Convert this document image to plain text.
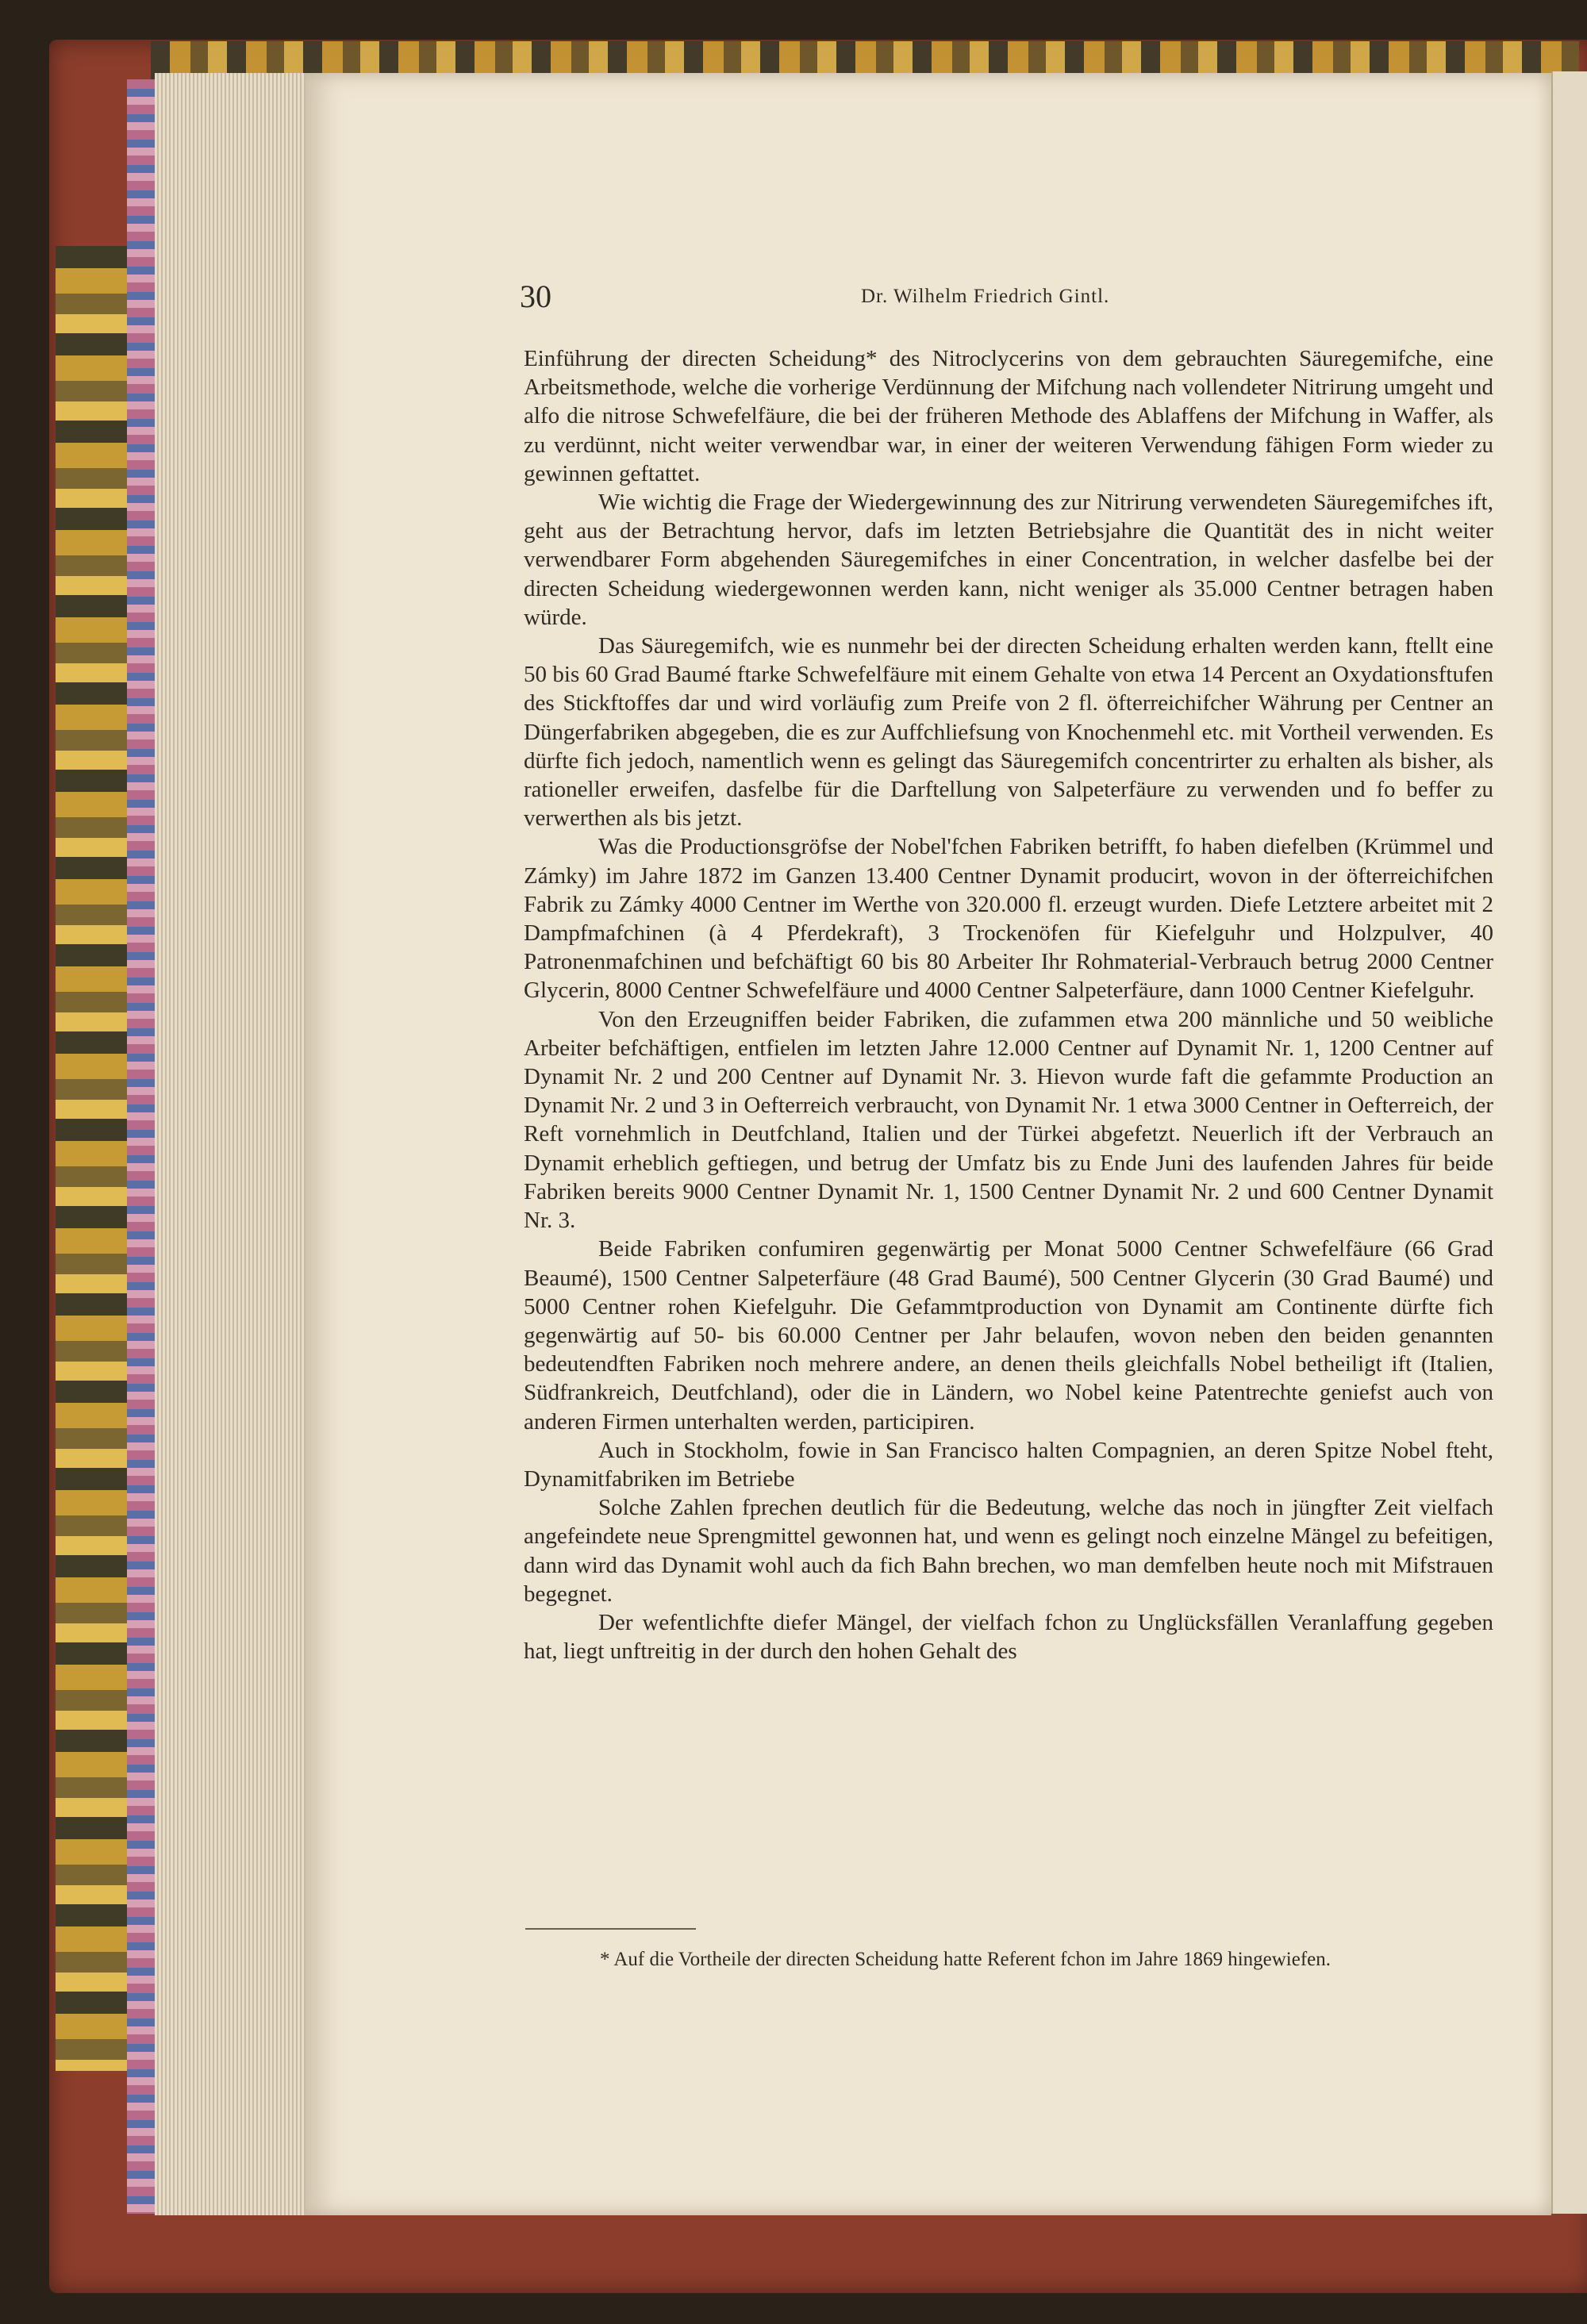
30	Dr. Wilhelm Friedrich Gintl.

Einführung der directen Scheidung* des Nitroclycerins von dem gebrauchten Säuregemifche, eine Arbeitsmethode, welche die vorherige Verdünnung der Mifchung nach vollendeter Nitrirung umgeht und alfo die nitrose Schwefelfäure, die bei der früheren Methode des Ablaffens der Mifchung in Waffer, als zu verdünnt, nicht weiter verwendbar war, in einer der weiteren Verwendung fähigen Form wieder zu gewinnen geftattet.

Wie wichtig die Frage der Wiedergewinnung des zur Nitrirung verwendeten Säuregemifches ift, geht aus der Betrachtung hervor, dafs im letzten Betriebsjahre die Quantität des in nicht weiter verwendbarer Form abgehenden Säuregemifches in einer Concentration, in welcher dasfelbe bei der directen Scheidung wiedergewonnen werden kann, nicht weniger als 35.000 Centner betragen haben würde.

Das Säuregemifch, wie es nunmehr bei der directen Scheidung erhalten werden kann, ftellt eine 50 bis 60 Grad Baumé ftarke Schwefelfäure mit einem Gehalte von etwa 14 Percent an Oxydationsftufen des Stickftoffes dar und wird vorläufig zum Preife von 2 fl. öfterreichifcher Währung per Centner an Düngerfabriken abgegeben, die es zur Auffchliefsung von Knochenmehl etc. mit Vortheil verwenden. Es dürfte fich jedoch, namentlich wenn es gelingt das Säuregemifch concentrirter zu erhalten als bisher, als rationeller erweifen, dasfelbe für die Darftellung von Salpeterfäure zu verwenden und fo beffer zu verwerthen als bis jetzt.

Was die Productionsgröfse der Nobel'fchen Fabriken betrifft, fo haben diefelben (Krümmel und Zámky) im Jahre 1872 im Ganzen 13.400 Centner Dynamit producirt, wovon in der öfterreichifchen Fabrik zu Zámky 4000 Centner im Werthe von 320.000 fl. erzeugt wurden. Diefe Letztere arbeitet mit 2 Dampfmafchinen (à 4 Pferdekraft), 3 Trockenöfen für Kiefelguhr und Holzpulver, 40 Patronenmafchinen und befchäftigt 60 bis 80 Arbeiter Ihr Rohmaterial-Verbrauch betrug 2000 Centner Glycerin, 8000 Centner Schwefelfäure und 4000 Centner Salpeterfäure, dann 1000 Centner Kiefelguhr.

Von den Erzeugniffen beider Fabriken, die zufammen etwa 200 männliche und 50 weibliche Arbeiter befchäftigen, entfielen im letzten Jahre 12.000 Centner auf Dynamit Nr. 1, 1200 Centner auf Dynamit Nr. 2 und 200 Centner auf Dynamit Nr. 3. Hievon wurde faft die gefammte Production an Dynamit Nr. 2 und 3 in Oefterreich verbraucht, von Dynamit Nr. 1 etwa 3000 Centner in Oefterreich, der Reft vornehmlich in Deutfchland, Italien und der Türkei abgefetzt. Neuerlich ift der Verbrauch an Dynamit erheblich geftiegen, und betrug der Umfatz bis zu Ende Juni des laufenden Jahres für beide Fabriken bereits 9000 Centner Dynamit Nr. 1, 1500 Centner Dynamit Nr. 2 und 600 Centner Dynamit Nr. 3.

Beide Fabriken confumiren gegenwärtig per Monat 5000 Centner Schwefelfäure (66 Grad Beaumé), 1500 Centner Salpeterfäure (48 Grad Baumé), 500 Centner Glycerin (30 Grad Baumé) und 5000 Centner rohen Kiefelguhr. Die Gefammtproduction von Dynamit am Continente dürfte fich gegenwärtig auf 50- bis 60.000 Centner per Jahr belaufen, wovon neben den beiden genannten bedeutendften Fabriken noch mehrere andere, an denen theils gleichfalls Nobel betheiligt ift (Italien, Südfrankreich, Deutfchland), oder die in Ländern, wo Nobel keine Patentrechte geniefst auch von anderen Firmen unterhalten werden, participiren.

Auch in Stockholm, fowie in San Francisco halten Compagnien, an deren Spitze Nobel fteht, Dynamitfabriken im Betriebe

Solche Zahlen fprechen deutlich für die Bedeutung, welche das noch in jüngfter Zeit vielfach angefeindete neue Sprengmittel gewonnen hat, und wenn es gelingt noch einzelne Mängel zu befeitigen, dann wird das Dynamit wohl auch da fich Bahn brechen, wo man demfelben heute noch mit Mifstrauen begegnet.

Der wefentlichfte diefer Mängel, der vielfach fchon zu Unglücksfällen Veranlaffung gegeben hat, liegt unftreitig in der durch den hohen Gehalt des

* Auf die Vortheile der directen Scheidung hatte Referent fchon im Jahre 1869 hingewiefen.
